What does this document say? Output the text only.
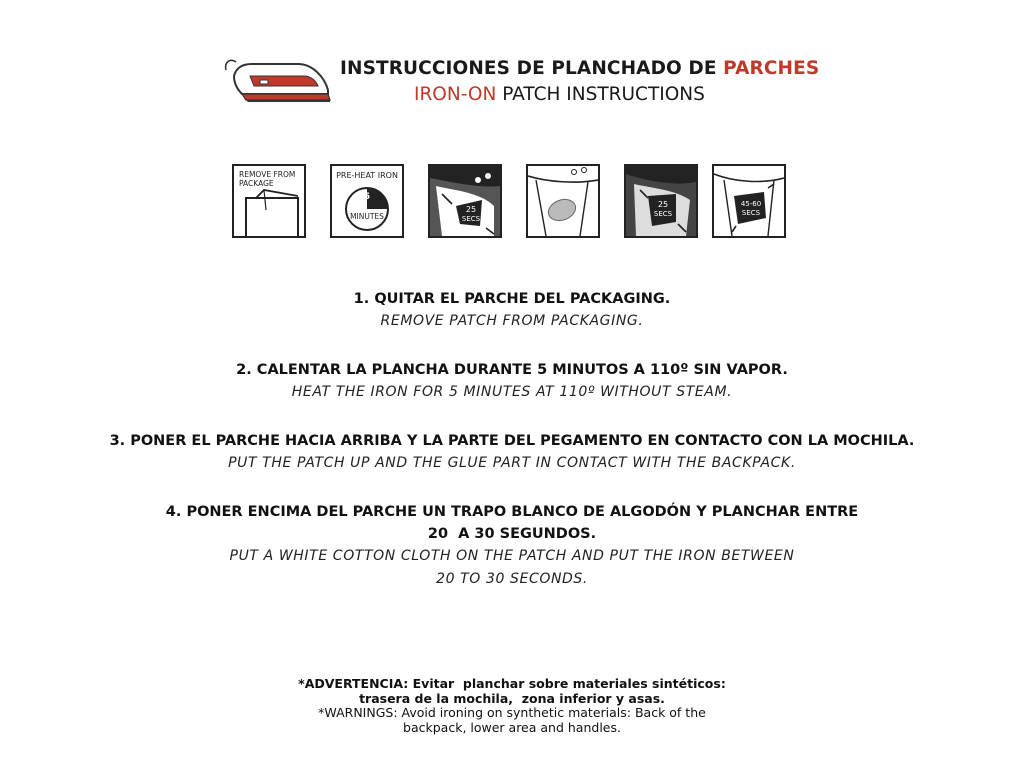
INSTRUCCIONES DE PLANCHADO DE PARCHES
IRON-ON PATCH INSTRUCTIONS
REMOVE FROM
PACKAGE
PRE-HEAT IRON
5
MINUTES
25
SECS
25
SECS
45-60
SECS
1. QUITAR EL PARCHE DEL PACKAGING.
REMOVE PATCH FROM PACKAGING.
2. CALENTAR LA PLANCHA DURANTE 5 MINUTOS A 110º SIN VAPOR.
HEAT THE IRON FOR 5 MINUTES AT 110º WITHOUT STEAM.
3. PONER EL PARCHE HACIA ARRIBA Y LA PARTE DEL PEGAMENTO EN CONTACTO CON LA MOCHILA.
PUT THE PATCH UP AND THE GLUE PART IN CONTACT WITH THE BACKPACK.
4. PONER ENCIMA DEL PARCHE UN TRAPO BLANCO DE ALGODÓN Y PLANCHAR ENTRE
20  A 30 SEGUNDOS.
PUT A WHITE COTTON CLOTH ON THE PATCH AND PUT THE IRON BETWEEN
20 TO 30 SECONDS.
*ADVERTENCIA: Evitar  planchar sobre materiales sintéticos:
trasera de la mochila,  zona inferior y asas.
*WARNINGS: Avoid ironing on synthetic materials: Back of the
backpack, lower area and handles.
